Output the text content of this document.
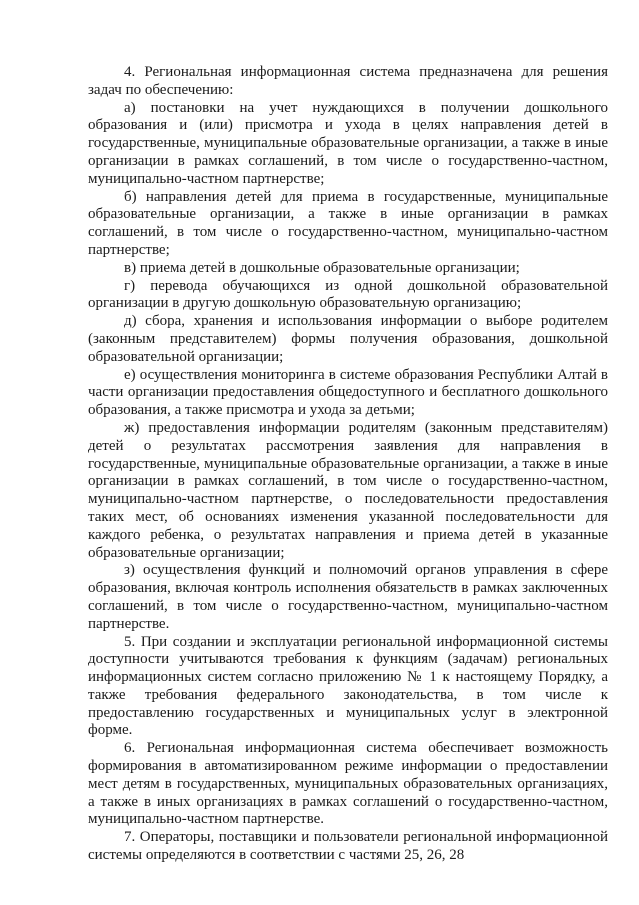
4. Региональная информационная система предназначена для решения задач по обеспечению:

а) постановки на учет нуждающихся в получении дошкольного образования и (или) присмотра и ухода в целях направления детей в государственные, муниципальные образовательные организации, а также в иные организации в рамках соглашений, в том числе о государственно-частном, муниципально-частном партнерстве;

б) направления детей для приема в государственные, муниципальные образовательные организации, а также в иные организации в рамках соглашений, в том числе о государственно-частном, муниципально-частном партнерстве;

в) приема детей в дошкольные образовательные организации;

г) перевода обучающихся из одной дошкольной образовательной организации в другую дошкольную образовательную организацию;

д) сбора, хранения и использования информации о выборе родителем (законным представителем) формы получения образования, дошкольной образовательной организации;

е) осуществления мониторинга в системе образования Республики Алтай в части организации предоставления общедоступного и бесплатного дошкольного образования, а также присмотра и ухода за детьми;

ж) предоставления информации родителям (законным представителям) детей о результатах рассмотрения заявления для направления в государственные, муниципальные образовательные организации, а также в иные организации в рамках соглашений, в том числе о государственно-частном, муниципально-частном партнерстве, о последовательности предоставления таких мест, об основаниях изменения указанной последовательности для каждого ребенка, о результатах направления и приема детей в указанные образовательные организации;

з) осуществления функций и полномочий органов управления в сфере образования, включая контроль исполнения обязательств в рамках заключенных соглашений, в том числе о государственно-частном, муниципально-частном партнерстве.

5. При создании и эксплуатации региональной информационной системы доступности учитываются требования к функциям (задачам) региональных информационных систем согласно приложению № 1 к настоящему Порядку, а также требования федерального законодательства, в том числе к предоставлению государственных и муниципальных услуг в электронной форме.

6. Региональная информационная система обеспечивает возможность формирования в автоматизированном режиме информации о предоставлении мест детям в государственных, муниципальных образовательных организациях, а также в иных организациях в рамках соглашений о государственно-частном, муниципально-частном партнерстве.

7. Операторы, поставщики и пользователи региональной информационной системы определяются в соответствии с частями 25, 26, 28
